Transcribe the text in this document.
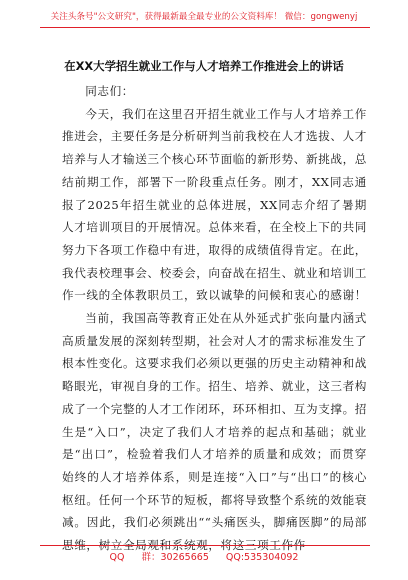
关注头条号"公文研究"，获得最新最全最专业的公文资料库！ 微信：gongwenyj
在XX大学招生就业工作与人才培养工作推进会上的讲话

同志们：

今天，我们在这里召开招生就业工作与人才培养工作推进会，主要任务是分析研判当前我校在人才选拔、人才培养与人才输送三个核心环节面临的新形势、新挑战，总结前期工作，部署下一阶段重点任务。刚才，XX同志通报了2025年招生就业的总体进展，XX同志介绍了暑期人才培训项目的开展情况。总体来看，在全校上下的共同努力下各项工作稳中有进，取得的成绩值得肯定。在此，我代表校理事会、校委会，向奋战在招生、就业和培训工作一线的全体教职员工，致以诚挚的问候和衷心的感谢！

当前，我国高等教育正处在从外延式扩张向量内涵式高质量发展的深刻转型期，社会对人才的需求标准发生了根本性变化。这要求我们必须以更强的历史主动精神和战略眼光，审视自身的工作。招生、培养、就业，这三者构成了一个完整的人才工作闭环，环环相扣、互为支撑。招生是“入口”，决定了我们人才培养的起点和基础；就业是“出口”，检验着我们人才培养的质量和成效；而贯穿始终的人才培养体系，则是连接“入口”与“出口”的核心枢纽。任何一个环节的短板，都将导致整个系统的效能衰减。因此，我们必须跳出““头痛医头，脚痛医脚”的局部思维，树立全局观和系统观，将这三项工作作

QQ 群：30265665 QQ:535304092
